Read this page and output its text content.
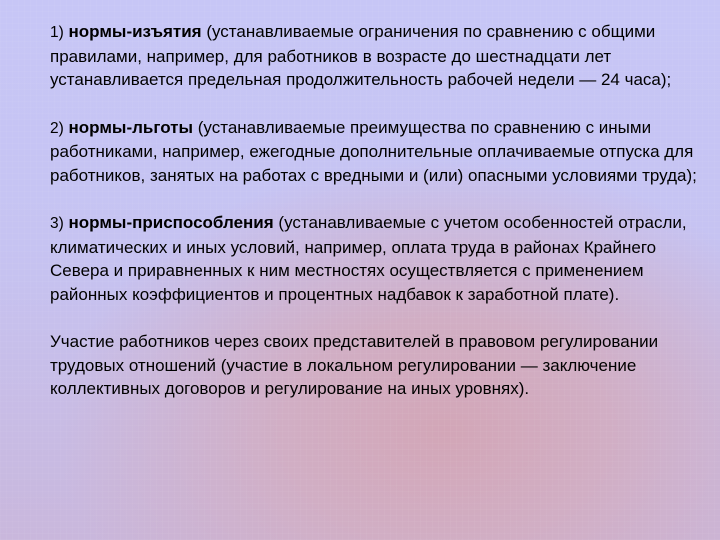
1) нормы-изъятия (устанавливаемые ограничения по сравнению с общими правилами, например, для работников в возрасте до шестнадцати лет устанавливается предельная продолжительность рабочей недели — 24 часа);

2) нормы-льготы (устанавливаемые преимущества по сравнению с иными работниками, например, ежегодные дополнительные оплачиваемые отпуска для работников, занятых на работах с вредными и (или) опасными условиями труда);

3) нормы-приспособления (устанавливаемые с учетом особенностей отрасли, климатических и иных условий, например, оплата труда в районах Крайнего Севера и приравненных к ним местностях осуществляется с применением районных коэффициентов и процентных надбавок к заработной плате).

Участие работников через своих представителей в правовом регулировании трудовых отношений (участие в локальном регулировании — заключение коллективных договоров и регулирование на иных уровнях).
